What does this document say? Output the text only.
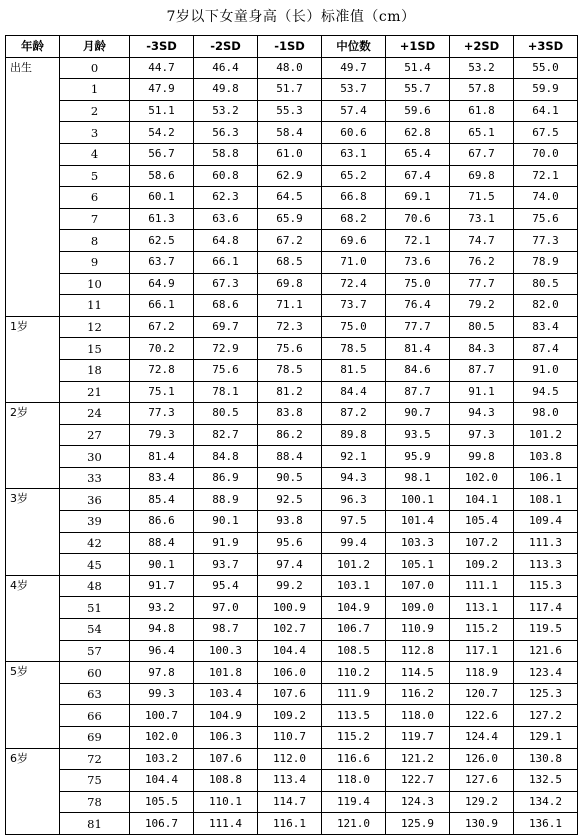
7岁以下女童身高（长）标准值（cm）
年龄	月龄	-3SD	-2SD	-1SD	中位数	+1SD	+2SD	+3SD
出生	0	44.7	46.4	48.0	49.7	51.4	53.2	55.0
	1	47.9	49.8	51.7	53.7	55.7	57.8	59.9
	2	51.1	53.2	55.3	57.4	59.6	61.8	64.1
	3	54.2	56.3	58.4	60.6	62.8	65.1	67.5
	4	56.7	58.8	61.0	63.1	65.4	67.7	70.0
	5	58.6	60.8	62.9	65.2	67.4	69.8	72.1
	6	60.1	62.3	64.5	66.8	69.1	71.5	74.0
	7	61.3	63.6	65.9	68.2	70.6	73.1	75.6
	8	62.5	64.8	67.2	69.6	72.1	74.7	77.3
	9	63.7	66.1	68.5	71.0	73.6	76.2	78.9
	10	64.9	67.3	69.8	72.4	75.0	77.7	80.5
	11	66.1	68.6	71.1	73.7	76.4	79.2	82.0
1岁	12	67.2	69.7	72.3	75.0	77.7	80.5	83.4
	15	70.2	72.9	75.6	78.5	81.4	84.3	87.4
	18	72.8	75.6	78.5	81.5	84.6	87.7	91.0
	21	75.1	78.1	81.2	84.4	87.7	91.1	94.5
2岁	24	77.3	80.5	83.8	87.2	90.7	94.3	98.0
	27	79.3	82.7	86.2	89.8	93.5	97.3	101.2
	30	81.4	84.8	88.4	92.1	95.9	99.8	103.8
	33	83.4	86.9	90.5	94.3	98.1	102.0	106.1
3岁	36	85.4	88.9	92.5	96.3	100.1	104.1	108.1
	39	86.6	90.1	93.8	97.5	101.4	105.4	109.4
	42	88.4	91.9	95.6	99.4	103.3	107.2	111.3
	45	90.1	93.7	97.4	101.2	105.1	109.2	113.3
4岁	48	91.7	95.4	99.2	103.1	107.0	111.1	115.3
	51	93.2	97.0	100.9	104.9	109.0	113.1	117.4
	54	94.8	98.7	102.7	106.7	110.9	115.2	119.5
	57	96.4	100.3	104.4	108.5	112.8	117.1	121.6
5岁	60	97.8	101.8	106.0	110.2	114.5	118.9	123.4
	63	99.3	103.4	107.6	111.9	116.2	120.7	125.3
	66	100.7	104.9	109.2	113.5	118.0	122.6	127.2
	69	102.0	106.3	110.7	115.2	119.7	124.4	129.1
6岁	72	103.2	107.6	112.0	116.6	121.2	126.0	130.8
	75	104.4	108.8	113.4	118.0	122.7	127.6	132.5
	78	105.5	110.1	114.7	119.4	124.3	129.2	134.2
	81	106.7	111.4	116.1	121.0	125.9	130.9	136.1
